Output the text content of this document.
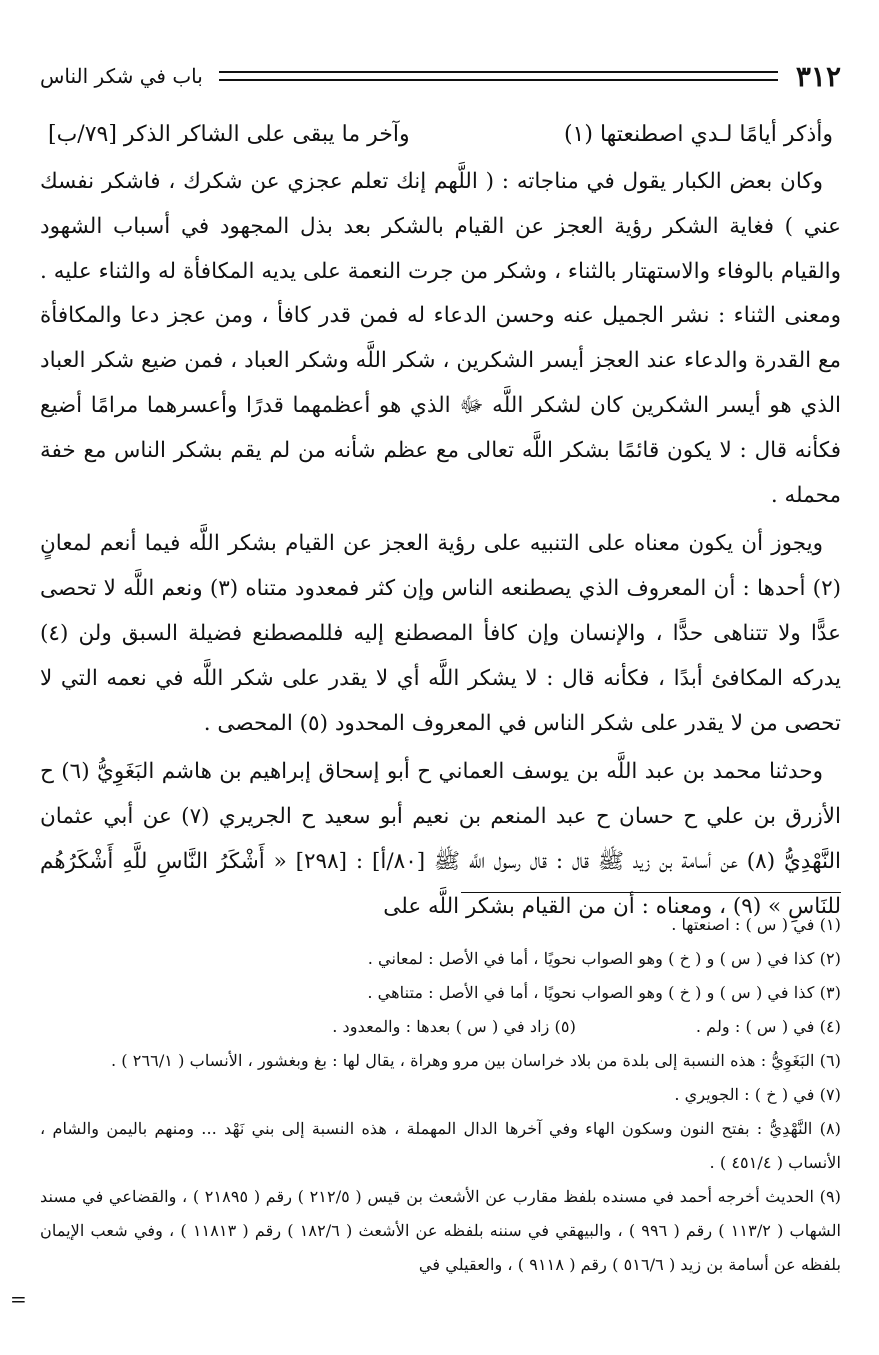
٣١٢
باب في شكر الناس
وأذكر أيامًا لـدي اصطنعتها (١)
وآخر ما يبقى على الشاكر الذكر [٧٩/ب]

وكان بعض الكبار يقول في مناجاته : ( اللَّهم إنك تعلم عجزي عن شكرك ، فاشكر نفسك عني ) فغاية الشكر رؤية العجز عن القيام بالشكر بعد بذل المجهود في أسباب الشهود والقيام بالوفاء والاستهتار بالثناء ، وشكر من جرت النعمة على يديه المكافأة له والثناء عليه . ومعنى الثناء : نشر الجميل عنه وحسن الدعاء له فمن قدر كافأ ، ومن عجز دعا والمكافأة مع القدرة والدعاء عند العجز أيسر الشكرين ، شكر اللَّه وشكر العباد ، فمن ضيع شكر العباد الذي هو أيسر الشكرين كان لشكر اللَّه ﷻ الذي هو أعظمهما قدرًا وأعسرهما مرامًا أضيع فكأنه قال : لا يكون قائمًا بشكر اللَّه تعالى مع عظم شأنه من لم يقم بشكر الناس مع خفة محمله .

ويجوز أن يكون معناه على التنبيه على رؤية العجز عن القيام بشكر اللَّه فيما أنعم لمعانٍ (٢) أحدها : أن المعروف الذي يصطنعه الناس وإن كثر فمعدود متناه (٣) ونعم اللَّه لا تحصى عدًّا ولا تتناهى حدًّا ، والإنسان وإن كافأ المصطنع إليه فللمصطنع فضيلة السبق ولن (٤) يدركه المكافئ أبدًا ، فكأنه قال : لا يشكر اللَّه أي لا يقدر على شكر اللَّه في نعمه التي لا تحصى من لا يقدر على شكر الناس في المعروف المحدود (٥) المحصى .

وحدثنا محمد بن عبد اللَّه بن يوسف العماني ح أبو إسحاق إبراهيم بن هاشم البَغَوِيُّ (٦) ح الأزرق بن علي ح حسان ح عبد المنعم بن نعيم أبو سعيد ح الجريري (٧) عن أبي عثمان النَّهْدِيُّ (٨) عن أسامة بن زيد ﷺ قال : قال رسول اللَّه ﷺ [٨٠/أ] : [٢٩٨] « أَشْكَرُ النَّاسِ للَّهِ أَشْكَرُهُم للنَاسِ » (٩) ، ومعناه : أن من القيام بشكر اللَّه على

(١) في ( س ) : اصنعتها .
(٢) كذا في ( س ) و ( خ ) وهو الصواب نحويًا ، أما في الأصل : لمعاني .
(٣) كذا في ( س ) و ( خ ) وهو الصواب نحويًا ، أما في الأصل : متناهي .
(٤) في ( س ) : ولم .
(٥) زاد في ( س ) بعدها : والمعدود .
(٦) البَغَوِيُّ : هذه النسبة إلى بلدة من بلاد خراسان بين مرو وهراة ، يقال لها : بغ وبغشور ، الأنساب ( ٢٦٦/١ ) .
(٧) في ( خ ) : الجويري .
(٨) النَّهْدِيُّ : بفتح النون وسكون الهاء وفي آخرها الدال المهملة ، هذه النسبة إلى بني نَهْد ... ومنهم باليمن والشام ، الأنساب ( ٤٥١/٤ ) .
(٩) الحديث أخرجه أحمد في مسنده بلفظ مقارب عن الأشعث بن قيس ( ٢١٢/٥ ) رقم ( ٢١٨٩٥ ) ، والقضاعي في مسند الشهاب ( ١١٣/٢ ) رقم ( ٩٩٦ ) ، والبيهقي في سننه بلفظه عن الأشعث ( ١٨٢/٦ ) رقم ( ١١٨١٣ ) ، وفي شعب الإيمان بلفظه عن أسامة بن زيد ( ٥١٦/٦ ) رقم ( ٩١١٨ ) ، والعقيلي في
=
